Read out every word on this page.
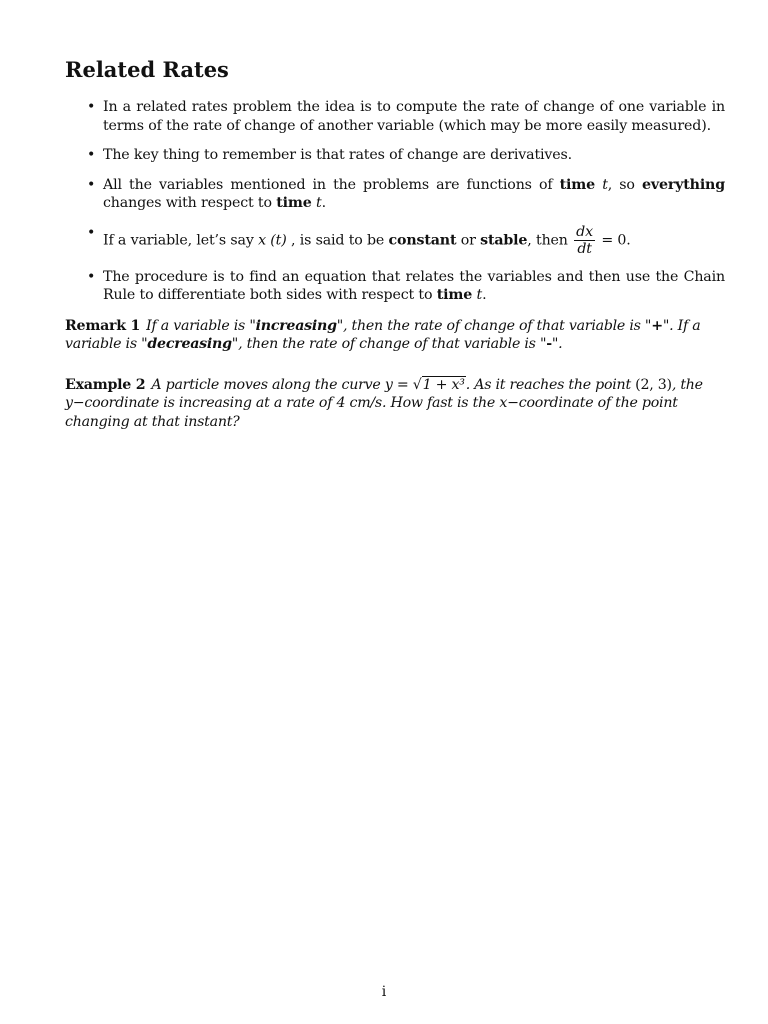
Related Rates
• In a related rates problem the idea is to compute the rate of change of one variable in terms of the rate of change of another variable (which may be more easily measured).
• The key thing to remember is that rates of change are derivatives.
• All the variables mentioned in the problems are functions of time t, so everything changes with respect to time t.
• If a variable, let’s say x (t) , is said to be constant or stable, then $\frac{dx}{dt} = 0$.
• The procedure is to find an equation that relates the variables and then use the Chain Rule to differentiate both sides with respect to time t.

Remark 1 If a variable is "increasing", then the rate of change of that variable is "+". If a variable is "decreasing", then the rate of change of that variable is "-".

Example 2 A particle moves along the curve y = √1 + x³. As it reaches the point (2, 3), the y−coordinate is increasing at a rate of 4 cm/s. How fast is the x−coordinate of the point changing at that instant?

i
